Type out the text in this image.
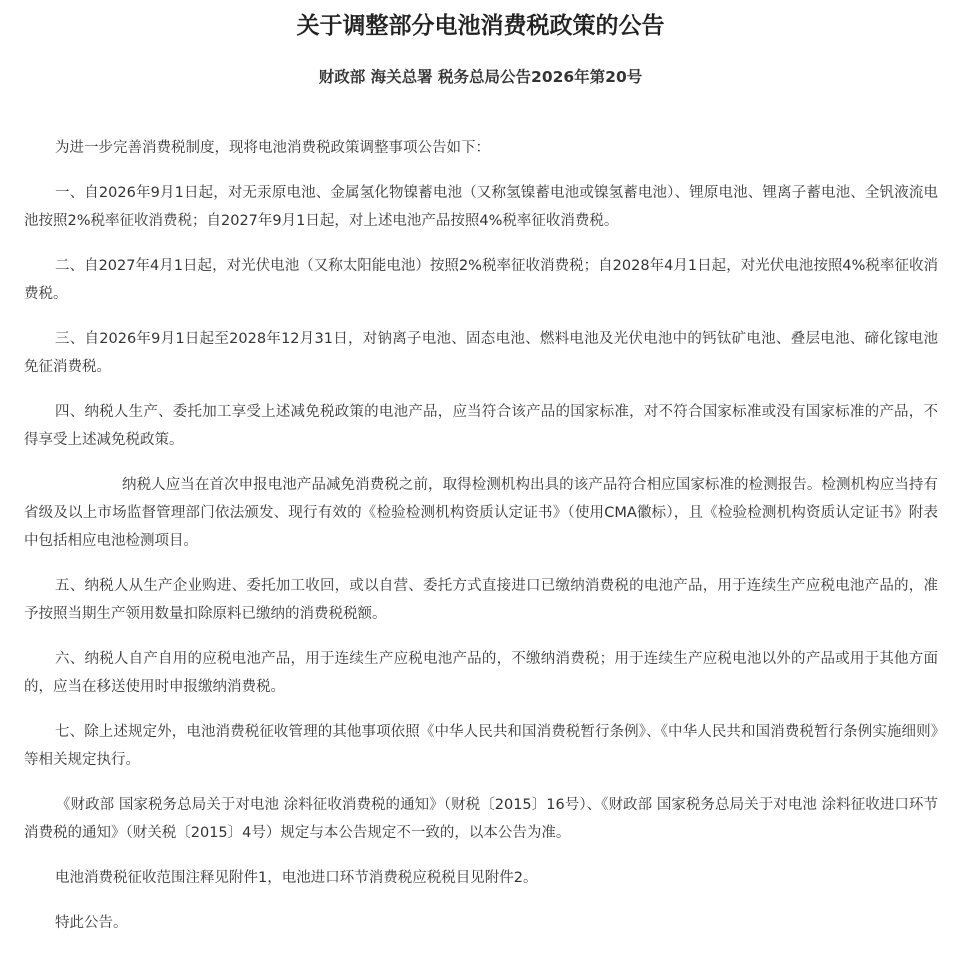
关于调整部分电池消费税政策的公告
财政部 海关总署 税务总局公告2026年第20号

为进一步完善消费税制度，现将电池消费税政策调整事项公告如下：

一、自2026年9月1日起，对无汞原电池、金属氢化物镍蓄电池（又称氢镍蓄电池或镍氢蓄电池）、锂原电池、锂离子蓄电池、全钒液流电池按照2%税率征收消费税；自2027年9月1日起，对上述电池产品按照4%税率征收消费税。

二、自2027年4月1日起，对光伏电池（又称太阳能电池）按照2%税率征收消费税；自2028年4月1日起，对光伏电池按照4%税率征收消费税。

三、自2026年9月1日起至2028年12月31日，对钠离子电池、固态电池、燃料电池及光伏电池中的钙钛矿电池、叠层电池、碲化镓电池免征消费税。

四、纳税人生产、委托加工享受上述减免税政策的电池产品，应当符合该产品的国家标准，对不符合国家标准或没有国家标准的产品，不得享受上述减免税政策。

纳税人应当在首次申报电池产品减免消费税之前，取得检测机构出具的该产品符合相应国家标准的检测报告。检测机构应当持有省级及以上市场监督管理部门依法颁发、现行有效的《检验检测机构资质认定证书》（使用CMA徽标），且《检验检测机构资质认定证书》附表中包括相应电池检测项目。

五、纳税人从生产企业购进、委托加工收回，或以自营、委托方式直接进口已缴纳消费税的电池产品，用于连续生产应税电池产品的，准予按照当期生产领用数量扣除原料已缴纳的消费税税额。

六、纳税人自产自用的应税电池产品，用于连续生产应税电池产品的，不缴纳消费税；用于连续生产应税电池以外的产品或用于其他方面的，应当在移送使用时申报缴纳消费税。

七、除上述规定外，电池消费税征收管理的其他事项依照《中华人民共和国消费税暂行条例》、《中华人民共和国消费税暂行条例实施细则》等相关规定执行。

《财政部 国家税务总局关于对电池 涂料征收消费税的通知》（财税〔2015〕16号）、《财政部 国家税务总局关于对电池 涂料征收进口环节消费税的通知》（财关税〔2015〕4号）规定与本公告规定不一致的，以本公告为准。

电池消费税征收范围注释见附件1，电池进口环节消费税应税税目见附件2。

特此公告。
